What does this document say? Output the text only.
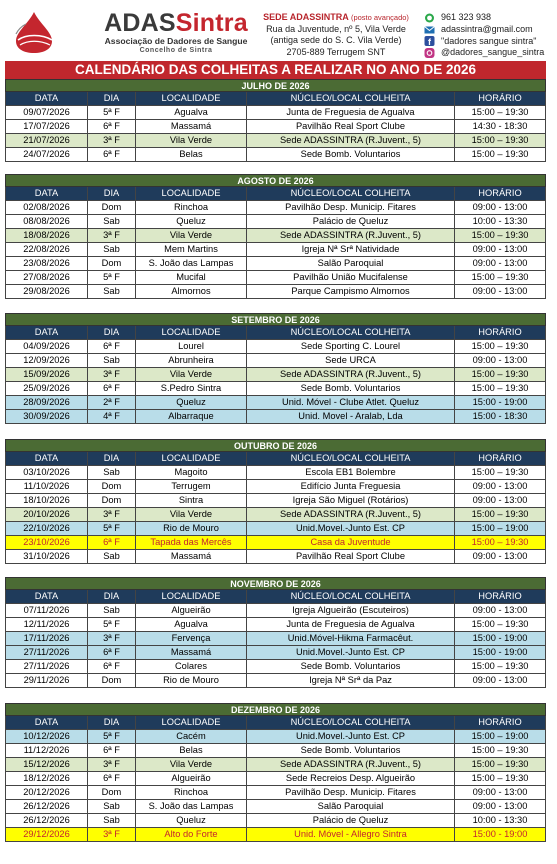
ADASSintra
Associação de Dadores de Sangue
Concelho de Sintra
SEDE ADASSINTRA (posto avançado)
Rua da Juventude, nº 5, Vila Verde
(antiga sede do S. C. Vila Verde)
2705-889 Terrugem SNT
961 323 938
adassintra@gmail.com
f "dadores sangue sintra"
@dadores_sangue_sintra
CALENDÁRIO DAS COLHEITAS A REALIZAR NO ANO DE 2026
JULHO DE 2026
DATA	DIA	LOCALIDADE	NÚCLEO/LOCAL COLHEITA	HORÁRIO
09/07/2026	5ª F	Agualva	Junta de Freguesia de Agualva	15:00 – 19:30
17/07/2026	6ª F	Massamá	Pavilhão Real Sport Clube	14:30 - 18:30
21/07/2026	3ª F	Vila Verde	Sede ADASSINTRA (R.Juvent., 5)	15:00 – 19:30
24/07/2026	6ª F	Belas	Sede Bomb. Voluntarios	15:00 – 19:30
AGOSTO DE 2026
DATA	DIA	LOCALIDADE	NÚCLEO/LOCAL COLHEITA	HORÁRIO
02/08/2026	Dom	Rinchoa	Pavilhão Desp. Municip. Fitares	09:00 - 13:00
08/08/2026	Sab	Queluz	Palácio de Queluz	10:00 - 13:30
18/08/2026	3ª F	Vila Verde	Sede ADASSINTRA (R.Juvent., 5)	15:00 – 19:30
22/08/2026	Sab	Mem Martins	Igreja Nª Srª Natividade	09:00 - 13:00
23/08/2026	Dom	S. João das Lampas	Salão Paroquial	09:00 - 13:00
27/08/2026	5ª F	Mucifal	Pavilhão União Mucifalense	15:00 – 19:30
29/08/2026	Sab	Almornos	Parque Campismo Almornos	09:00 - 13:00
SETEMBRO DE 2026
DATA	DIA	LOCALIDADE	NÚCLEO/LOCAL COLHEITA	HORÁRIO
04/09/2026	6ª F	Lourel	Sede Sporting C. Lourel	15:00 – 19:30
12/09/2026	Sab	Abrunheira	Sede URCA	09:00 - 13:00
15/09/2026	3ª F	Vila Verde	Sede ADASSINTRA (R.Juvent., 5)	15:00 – 19:30
25/09/2026	6ª F	S.Pedro Sintra	Sede Bomb. Voluntarios	15:00 – 19:30
28/09/2026	2ª F	Queluz	Unid. Móvel - Clube Atlet. Queluz	15:00 - 19:00
30/09/2026	4ª F	Albarraque	Unid. Movel - Aralab, Lda	15:00 - 18:30
OUTUBRO DE 2026
DATA	DIA	LOCALIDADE	NÚCLEO/LOCAL COLHEITA	HORÁRIO
03/10/2026	Sab	Magoito	Escola EB1 Bolembre	15:00 – 19:30
11/10/2026	Dom	Terrugem	Edifício Junta Freguesia	09:00 - 13:00
18/10/2026	Dom	Sintra	Igreja São Miguel (Rotários)	09:00 - 13:00
20/10/2026	3ª F	Vila Verde	Sede ADASSINTRA (R.Juvent., 5)	15:00 – 19:30
22/10/2026	5ª F	Rio de Mouro	Unid.Movel.-Junto Est. CP	15:00 – 19:00
23/10/2026	6ª F	Tapada das Mercês	Casa da Juventude	15:00 – 19:30
31/10/2026	Sab	Massamá	Pavilhão Real Sport Clube	09:00 - 13:00
NOVEMBRO DE 2026
DATA	DIA	LOCALIDADE	NÚCLEO/LOCAL COLHEITA	HORÁRIO
07/11/2026	Sab	Algueirão	Igreja Algueirão (Escuteiros)	09:00 - 13:00
12/11/2026	5ª F	Agualva	Junta de Freguesia de Agualva	15:00 – 19:30
17/11/2026	3ª F	Fervença	Unid.Móvel-Hikma Farmacêut.	15:00 - 19:00
27/11/2026	6ª F	Massamá	Unid.Movel.-Junto Est. CP	15:00 - 19:00
27/11/2026	6ª F	Colares	Sede Bomb. Voluntarios	15:00 – 19:30
29/11/2026	Dom	Rio de Mouro	Igreja Nª Srª da Paz	09:00 - 13:00
DEZEMBRO DE 2026
DATA	DIA	LOCALIDADE	NÚCLEO/LOCAL COLHEITA	HORÁRIO
10/12/2026	5ª F	Cacém	Unid.Movel.-Junto Est. CP	15:00 – 19:00
11/12/2026	6ª F	Belas	Sede Bomb. Voluntarios	15:00 – 19:30
15/12/2026	3ª F	Vila Verde	Sede ADASSINTRA (R.Juvent., 5)	15:00 – 19:30
18/12/2026	6ª F	Algueirão	Sede Recreios Desp. Algueirão	15:00 – 19:30
20/12/2026	Dom	Rinchoa	Pavilhão Desp. Municip. Fitares	09:00 - 13:00
26/12/2026	Sab	S. João das Lampas	Salão Paroquial	09:00 - 13:00
26/12/2026	Sab	Queluz	Palácio de Queluz	10:00 - 13:30
29/12/2026	3ª F	Alto do Forte	Unid. Móvel - Allegro Sintra	15:00 - 19:00
